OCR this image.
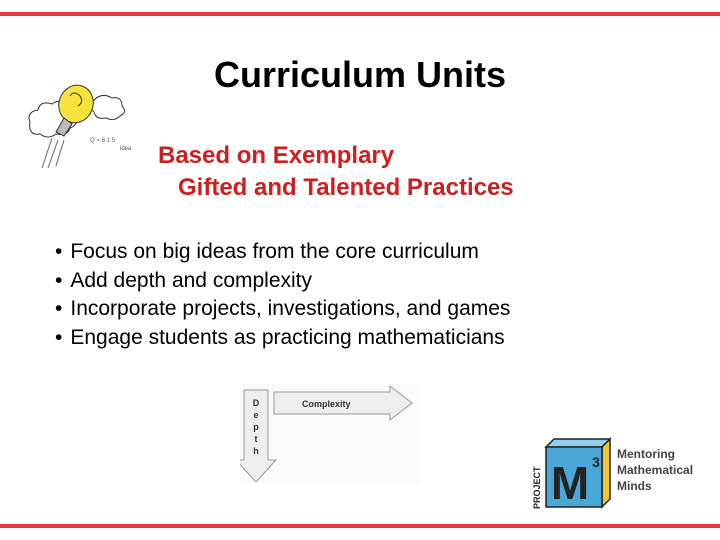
Curriculum Units
Q ∘ 6 1 5
idea Based on Exemplary
Gifted and Talented Practices
• Focus on big ideas from the core curriculum
• Add depth and complexity
• Incorporate projects, investigations, and games
• Engage students as practicing mathematicians
Complexity
D
e
p
t
h
M 3
PROJECT
Mentoring
Mathematical
Minds
